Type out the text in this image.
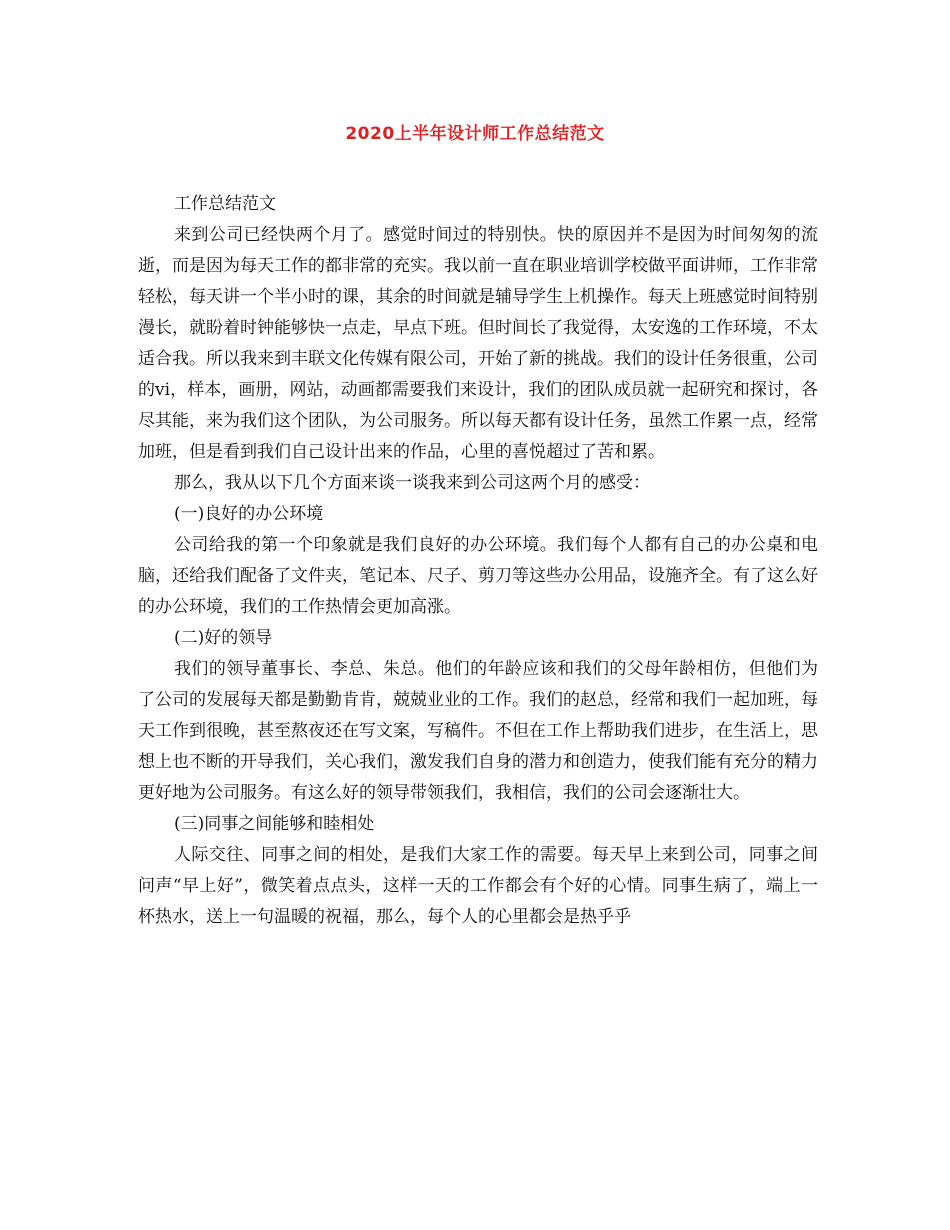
2020上半年设计师工作总结范文

工作总结范文

来到公司已经快两个月了。感觉时间过的特别快。快的原因并不是因为时间匆匆的流逝，而是因为每天工作的都非常的充实。我以前一直在职业培训学校做平面讲师，工作非常轻松，每天讲一个半小时的课，其余的时间就是辅导学生上机操作。每天上班感觉时间特别漫长，就盼着时钟能够快一点走，早点下班。但时间长了我觉得，太安逸的工作环境，不太适合我。所以我来到丰联文化传媒有限公司，开始了新的挑战。我们的设计任务很重，公司的vi，样本，画册，网站，动画都需要我们来设计，我们的团队成员就一起研究和探讨，各尽其能，来为我们这个团队，为公司服务。所以每天都有设计任务，虽然工作累一点，经常加班，但是看到我们自己设计出来的作品，心里的喜悦超过了苦和累。

那么，我从以下几个方面来谈一谈我来到公司这两个月的感受：

(一)良好的办公环境

公司给我的第一个印象就是我们良好的办公环境。我们每个人都有自己的办公桌和电脑，还给我们配备了文件夹，笔记本、尺子、剪刀等这些办公用品，设施齐全。有了这么好的办公环境，我们的工作热情会更加高涨。

(二)好的领导

我们的领导董事长、李总、朱总。他们的年龄应该和我们的父母年龄相仿，但他们为了公司的发展每天都是勤勤肯肯，兢兢业业的工作。我们的赵总，经常和我们一起加班，每天工作到很晚，甚至熬夜还在写文案，写稿件。不但在工作上帮助我们进步，在生活上，思想上也不断的开导我们，关心我们，激发我们自身的潜力和创造力，使我们能有充分的精力更好地为公司服务。有这么好的领导带领我们，我相信，我们的公司会逐渐壮大。

(三)同事之间能够和睦相处

人际交往、同事之间的相处，是我们大家工作的需要。每天早上来到公司，同事之间问声“早上好”，微笑着点点头，这样一天的工作都会有个好的心情。同事生病了，端上一杯热水，送上一句温暖的祝福，那么，每个人的心里都会是热乎乎
